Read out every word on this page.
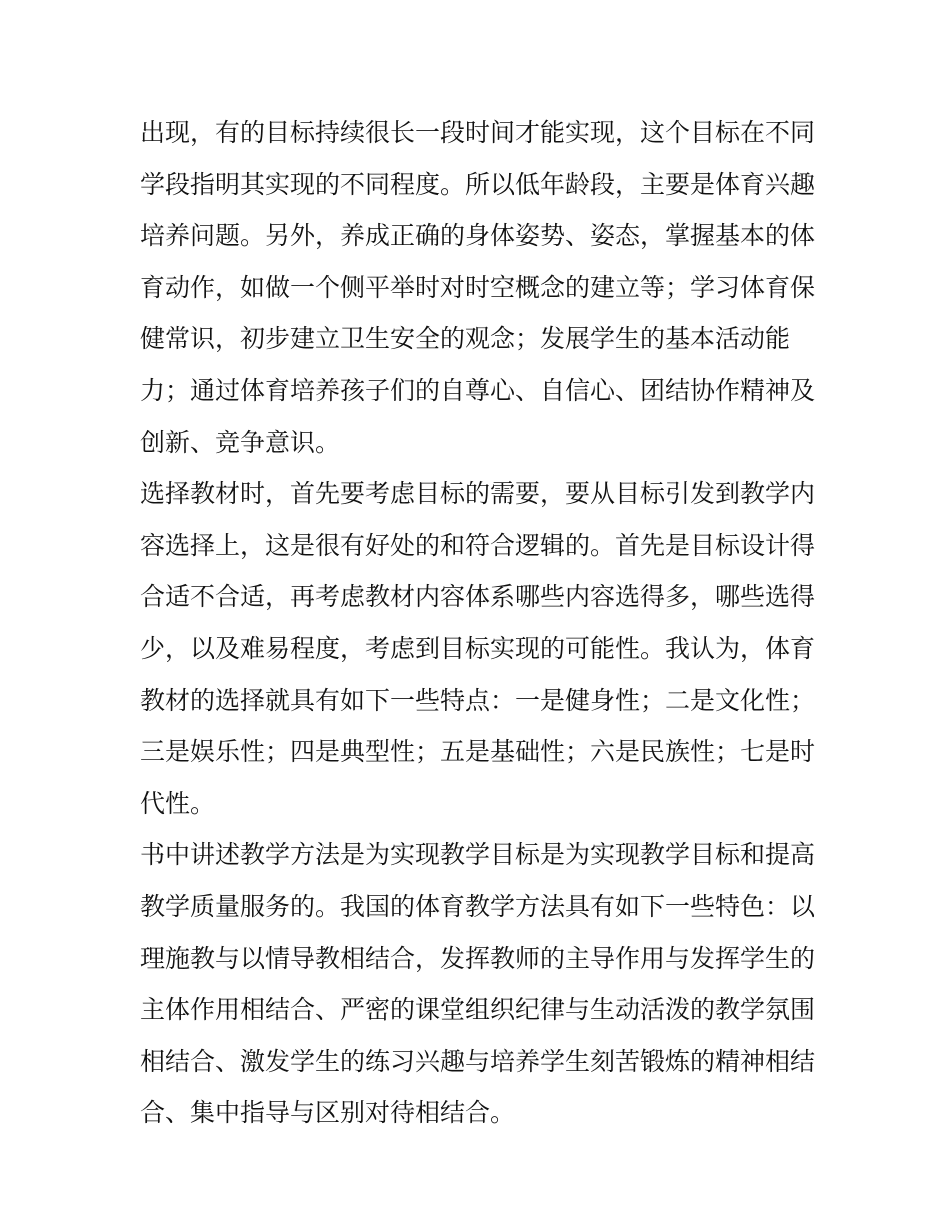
出现，有的目标持续很长一段时间才能实现，这个目标在不同
学段指明其实现的不同程度。所以低年龄段，主要是体育兴趣
培养问题。另外，养成正确的身体姿势、姿态，掌握基本的体
育动作，如做一个侧平举时对时空概念的建立等；学习体育保
健常识，初步建立卫生安全的观念；发展学生的基本活动能
力；通过体育培养孩子们的自尊心、自信心、团结协作精神及
创新、竞争意识。
选择教材时，首先要考虑目标的需要，要从目标引发到教学内
容选择上，这是很有好处的和符合逻辑的。首先是目标设计得
合适不合适，再考虑教材内容体系哪些内容选得多，哪些选得
少，以及难易程度，考虑到目标实现的可能性。我认为，体育
教材的选择就具有如下一些特点：一是健身性；二是文化性；
三是娱乐性；四是典型性；五是基础性；六是民族性；七是时
代性。
书中讲述教学方法是为实现教学目标是为实现教学目标和提高
教学质量服务的。我国的体育教学方法具有如下一些特色：以
理施教与以情导教相结合，发挥教师的主导作用与发挥学生的
主体作用相结合、严密的课堂组织纪律与生动活泼的教学氛围
相结合、激发学生的练习兴趣与培养学生刻苦锻炼的精神相结
合、集中指导与区别对待相结合。
